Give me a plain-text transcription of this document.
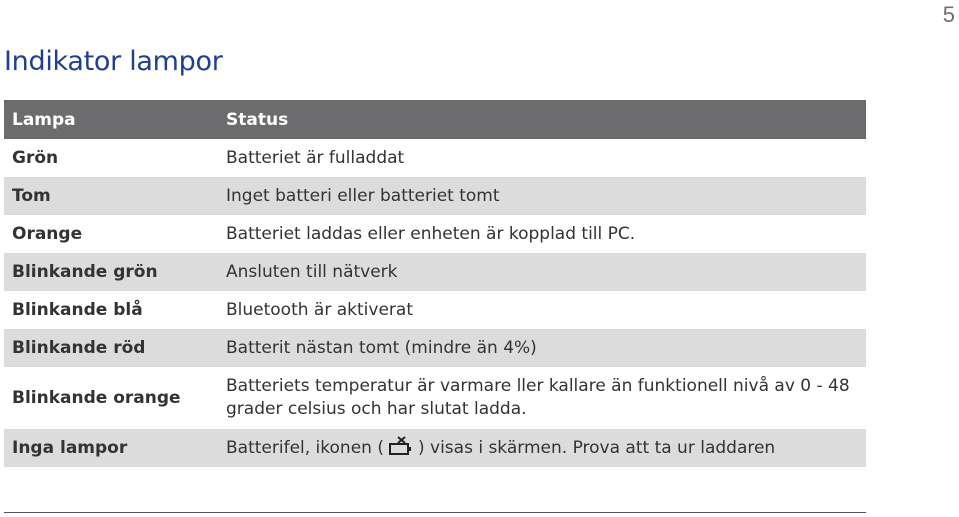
5
Indikator lampor
Lampa	Status
Grön	Batteriet är fulladdat
Tom	Inget batteri eller batteriet tomt
Orange	Batteriet laddas eller enheten är kopplad till PC.
Blinkande grön	Ansluten till nätverk
Blinkande blå	Bluetooth är aktiverat
Blinkande röd	Batterit nästan tomt (mindre än 4%)
Blinkande orange	Batteriets temperatur är varmare ller kallare än funktionell nivå av 0 - 48 grader celsius och har slutat ladda.
Inga lampor	Batterifel, ikonen ( ) visas i skärmen. Prova att ta ur laddaren
